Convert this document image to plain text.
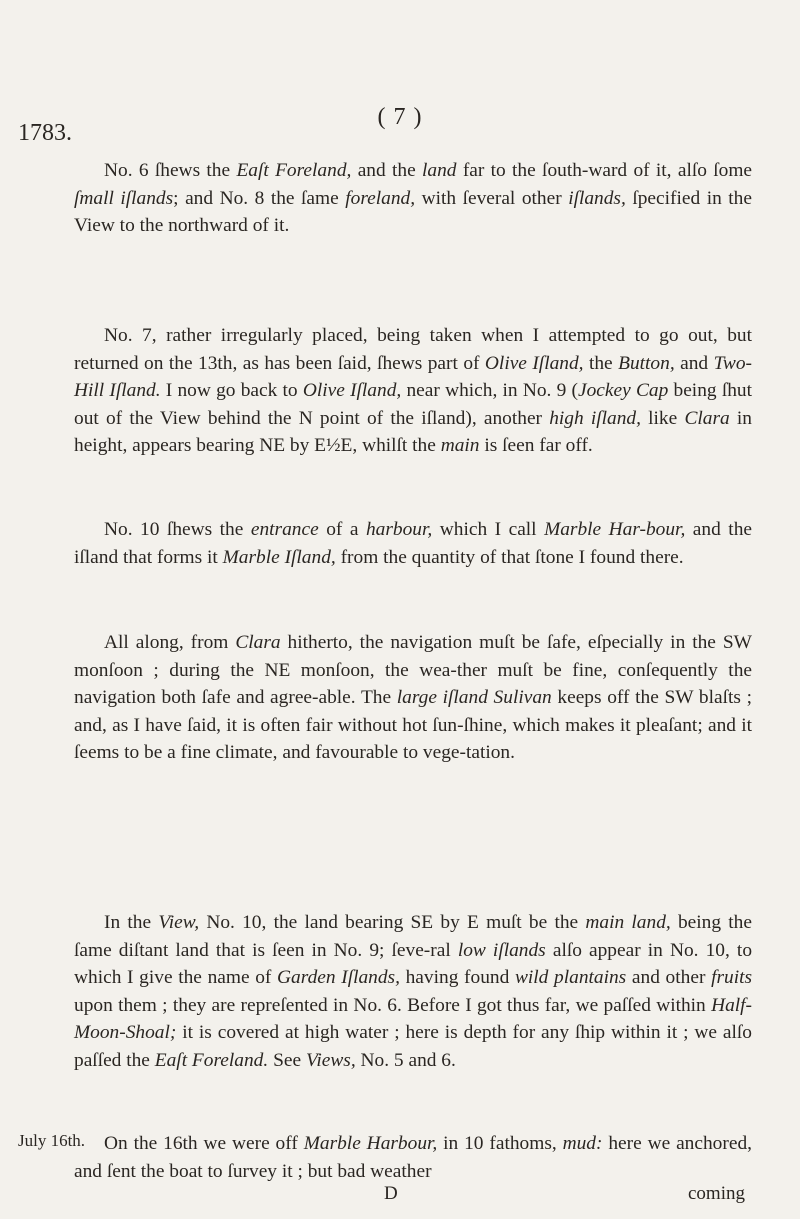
( 7 )
1783.

No. 6 ſhews the Eaſt Foreland, and the land far to the ſouth-ward of it, alſo ſome ſmall iſlands; and No. 8 the ſame foreland, with ſeveral other iſlands, ſpecified in the View to the northward of it.

No. 7, rather irregularly placed, being taken when I attempted to go out, but returned on the 13th, as has been ſaid, ſhews part of Olive Iſland, the Button, and Two-Hill Iſland. I now go back to Olive Iſland, near which, in No. 9 (Jockey Cap being ſhut out of the View behind the N point of the iſland), another high iſland, like Clara in height, appears bearing NE by E½E, whilſt the main is ſeen far off.

No. 10 ſhews the entrance of a harbour, which I call Marble Har-bour, and the iſland that forms it Marble Iſland, from the quantity of that ſtone I found there.

All along, from Clara hitherto, the navigation muſt be ſafe, eſpecially in the SW monſoon ; during the NE monſoon, the wea-ther muſt be fine, conſequently the navigation both ſafe and agree-able. The large iſland Sulivan keeps off the SW blaſts ; and, as I have ſaid, it is often fair without hot ſun-ſhine, which makes it pleaſant; and it ſeems to be a fine climate, and favourable to vege-tation.

In the View, No. 10, the land bearing SE by E muſt be the main land, being the ſame diſtant land that is ſeen in No. 9; ſeve-ral low iſlands alſo appear in No. 10, to which I give the name of Garden Iſlands, having found wild plantains and other fruits upon them ; they are repreſented in No. 6. Before I got thus far, we paſſed within Half-Moon-Shoal; it is covered at high water ; here is depth for any ſhip within it ; we alſo paſſed the Eaſt Foreland. See Views, No. 5 and 6.

On the 16th we were off Marble Harbour, in 10 fathoms, mud: here we anchored, and ſent the boat to ſurvey it ; but bad weather

July 16th.
D	coming
